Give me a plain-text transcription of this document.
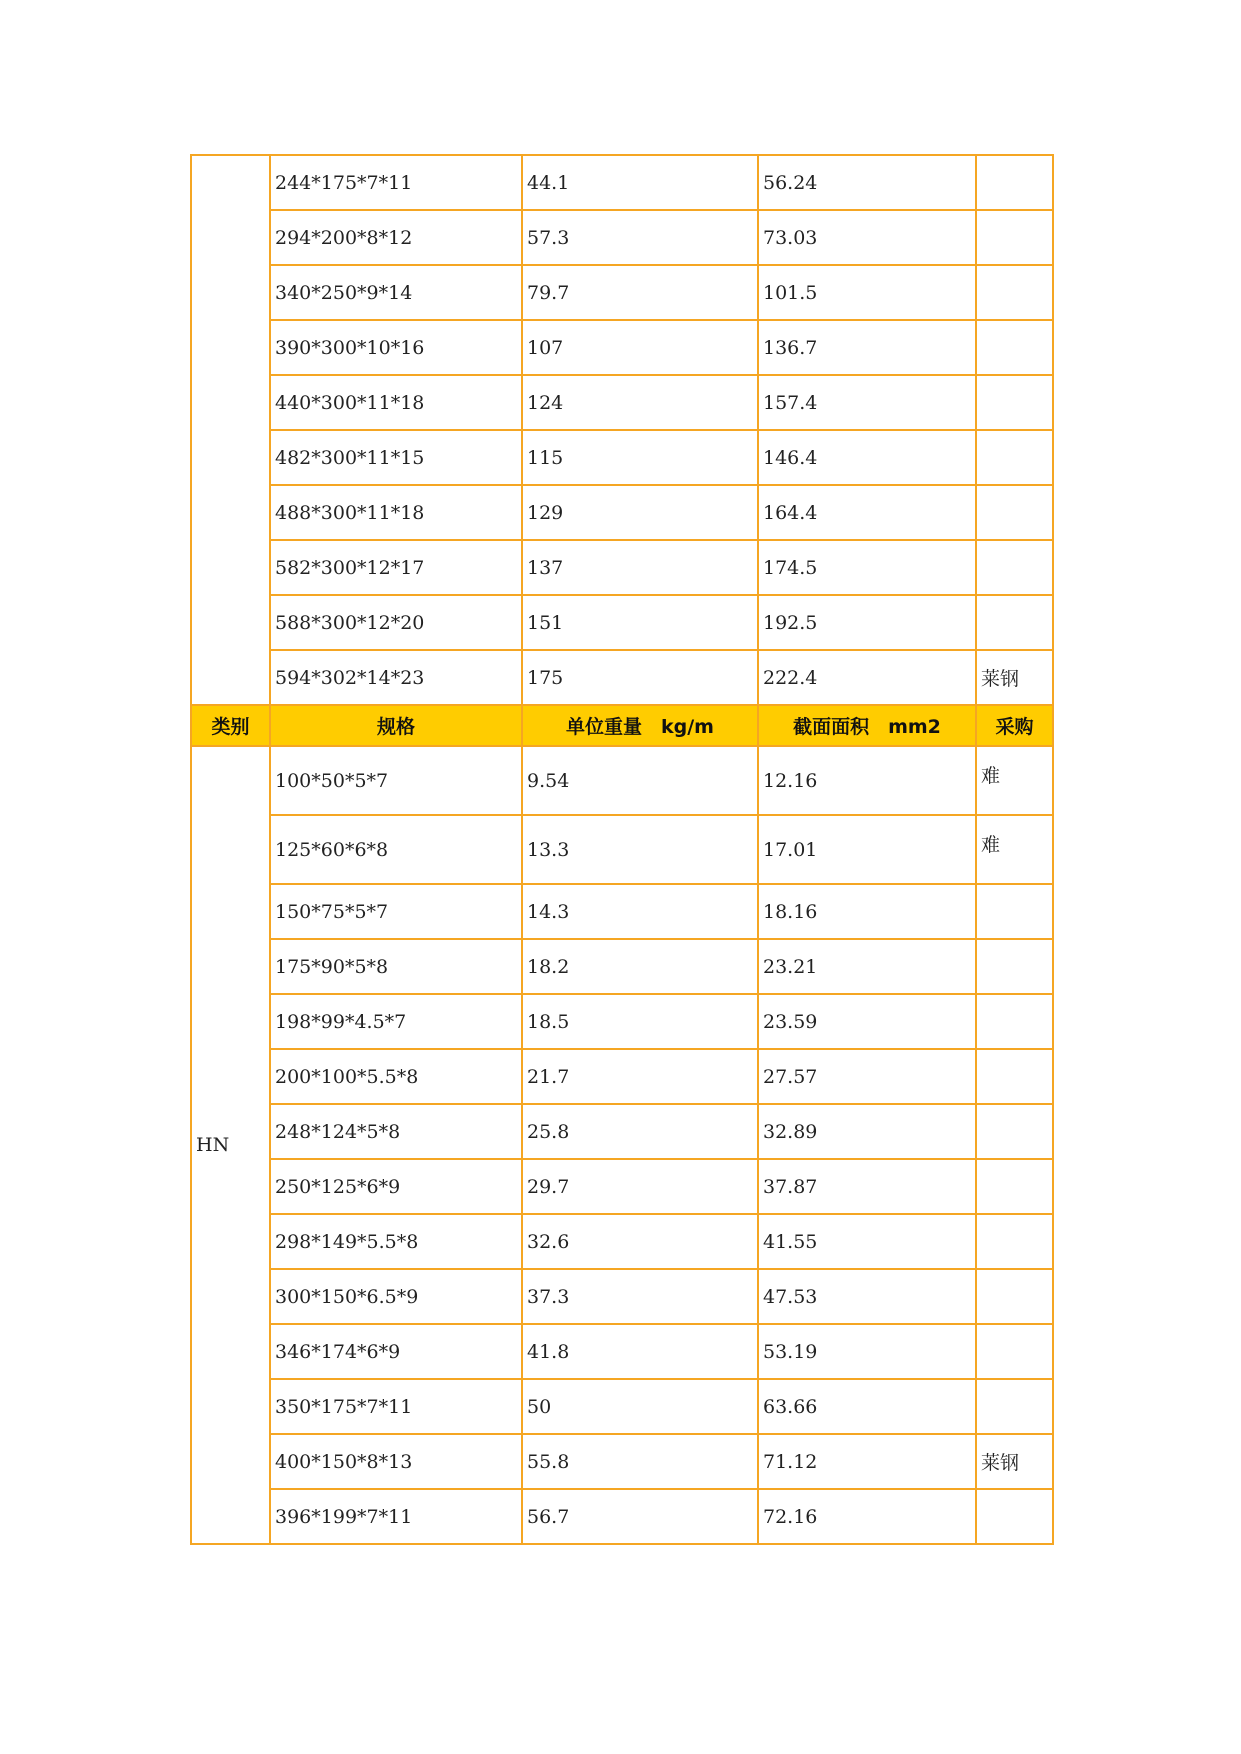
	244*175*7*11	44.1	56.24	
	294*200*8*12	57.3	73.03	
	340*250*9*14	79.7	101.5	
	390*300*10*16	107	136.7	
	440*300*11*18	124	157.4	
	482*300*11*15	115	146.4	
	488*300*11*18	129	164.4	
	582*300*12*17	137	174.5	
	588*300*12*20	151	192.5	
	594*302*14*23	175	222.4	莱钢
类别	规格	单位重量　kg/m	截面面积　mm2	采购
HN	100*50*5*7	9.54	12.16	难
	125*60*6*8	13.3	17.01	难
	150*75*5*7	14.3	18.16	
	175*90*5*8	18.2	23.21	
	198*99*4.5*7	18.5	23.59	
	200*100*5.5*8	21.7	27.57	
	248*124*5*8	25.8	32.89	
	250*125*6*9	29.7	37.87	
	298*149*5.5*8	32.6	41.55	
	300*150*6.5*9	37.3	47.53	
	346*174*6*9	41.8	53.19	
	350*175*7*11	50	63.66	
	400*150*8*13	55.8	71.12	莱钢
	396*199*7*11	56.7	72.16	
